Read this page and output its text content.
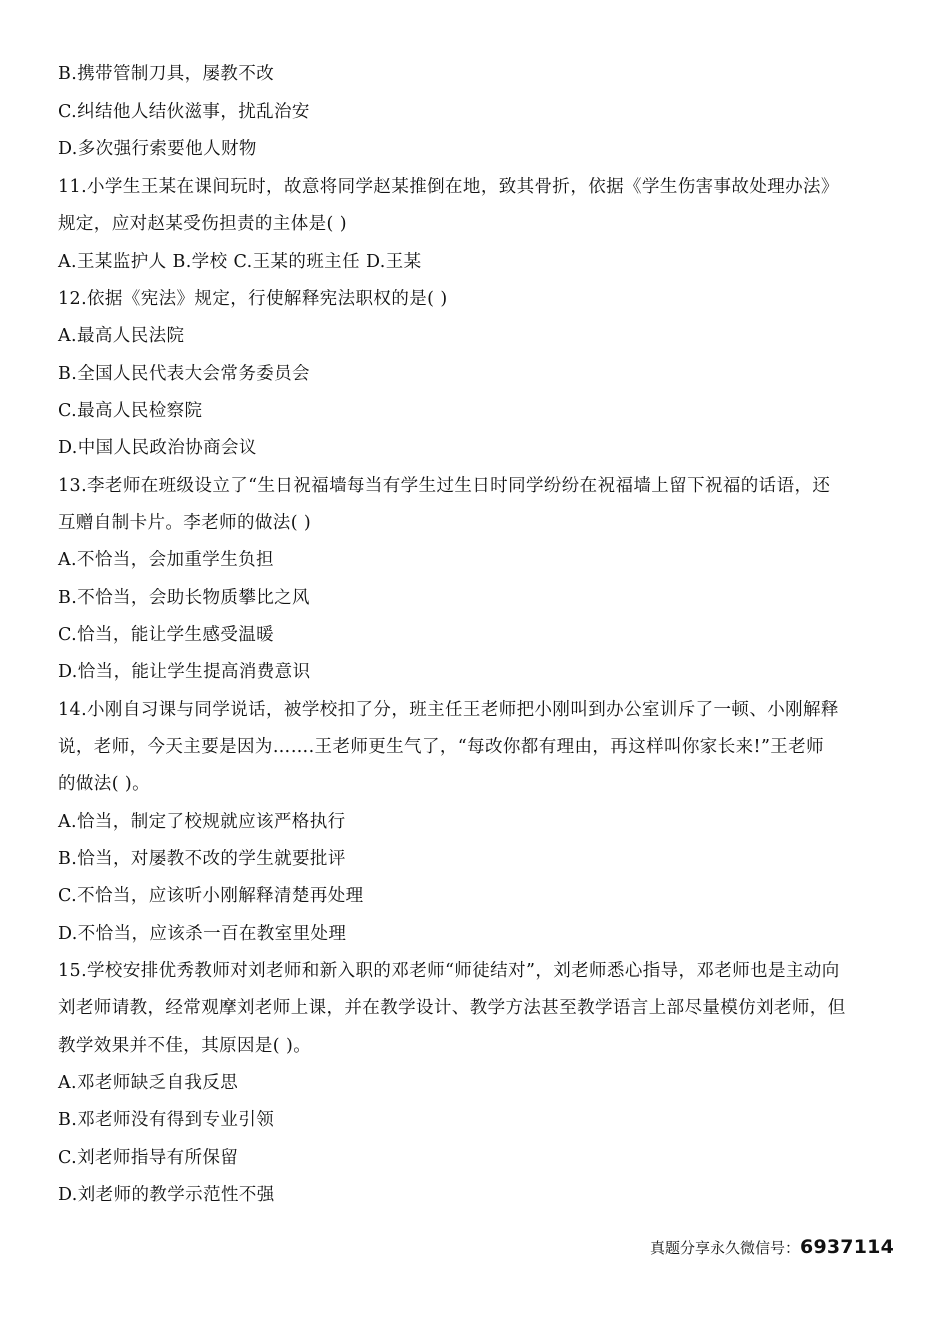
B.携带管制刀具，屡教不改
C.纠结他人结伙滋事，扰乱治安
D.多次强行索要他人财物
11.小学生王某在课间玩时，故意将同学赵某推倒在地，致其骨折，依据《学生伤害事故处理办法》
规定，应对赵某受伤担责的主体是( )
A.王某监护人 B.学校 C.王某的班主任 D.王某
12.依据《宪法》规定，行使解释宪法职权的是( )
A.最高人民法院
B.全国人民代表大会常务委员会
C.最高人民检察院
D.中国人民政治协商会议
13.李老师在班级设立了“生日祝福墙每当有学生过生日时同学纷纷在祝福墙上留下祝福的话语，还
互赠自制卡片。李老师的做法( )
A.不恰当，会加重学生负担
B.不恰当，会助长物质攀比之风
C.恰当，能让学生感受温暖
D.恰当，能让学生提高消费意识
14.小刚自习课与同学说话，被学校扣了分，班主任王老师把小刚叫到办公室训斥了一顿、小刚解释
说，老师，今天主要是因为…….王老师更生气了，“每改你都有理由，再这样叫你家长来!”王老师
的做法( )。
A.恰当，制定了校规就应该严格执行
B.恰当，对屡教不改的学生就要批评
C.不恰当，应该听小刚解释清楚再处理
D.不恰当，应该杀一百在教室里处理
15.学校安排优秀教师对刘老师和新入职的邓老师“师徒结对”，刘老师悉心指导，邓老师也是主动向
刘老师请教，经常观摩刘老师上课，并在教学设计、教学方法甚至教学语言上部尽量模仿刘老师，但
教学效果并不佳，其原因是( )。
A.邓老师缺乏自我反思
B.邓老师没有得到专业引领
C.刘老师指导有所保留
D.刘老师的教学示范性不强
真题分享永久微信号：6937114
